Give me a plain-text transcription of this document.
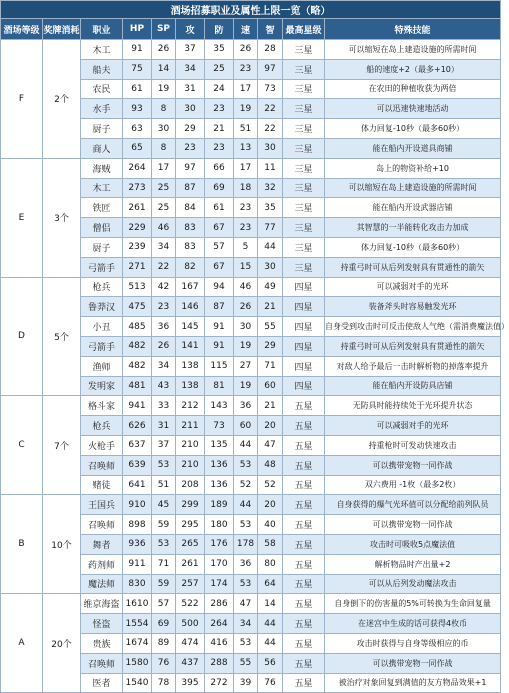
酒场招募职业及属性上限一览（略）										
酒场等级	奖牌消耗	职业	HP	SP	攻	防	速	智	最高星级	特殊技能
F	2个	木工	91	26	37	35	26	28	三星	可以缩短在岛上建造设施的所需时间
		船夫	75	14	34	25	23	97	三星	船的速度+2（最多+10）
		农民	61	19	31	24	17	73	三星	在农田的种植收获为两倍
		水手	93	8	30	23	19	22	三星	可以迅速快速地活动
		厨子	63	30	29	21	51	22	三星	体力回复-10秒（最多60秒）
		商人	65	8	23	23	13	30	三星	能在船内开设道具商铺
E	3个	海贼	264	17	97	66	17	11	三星	岛上的物资补给+10
		木工	273	25	87	69	18	32	三星	可以缩短在岛上建造设施的所需时间
		铁匠	261	25	84	61	23	35	三星	能在船内开设武器店铺
		僧侣	229	46	83	67	23	77	三星	其智慧的一半能转化攻击力加成
		厨子	239	34	83	57	5	44	三星	体力回复-10秒（最多60秒）
		弓箭手	271	22	82	67	15	30	三星	持重弓时可从后列发射具有贯通性的箭矢
D	5个	枪兵	513	42	167	94	46	49	四星	可以减弱对手的光环
		鲁莽汉	475	23	146	87	26	21	四星	装备斧头时容易触发光环
		小丑	485	36	145	91	30	55	四星	自身受到攻击时可反击使敌人气绝（需消费魔法值）
		弓箭手	482	26	141	91	19	29	四星	持重弓时可从后列发射具有贯通性的箭矢
		渔师	482	34	138	115	27	71	四星	对敌人给予最后一击时解析物的掉落率提升
		发明家	481	43	138	81	19	60	四星	能在船内开设防具店铺
C	7个	格斗家	941	33	212	143	36	21	五星	无防具时能持续处于光环提升状态
		枪兵	626	31	211	73	60	20	五星	可以减弱对手的光环
		火枪手	637	37	210	135	44	47	五星	持重枪时可发动快速攻击
		召唤师	639	53	210	136	53	48	五星	可以携带宠物一同作战
		赌徒	641	51	208	136	52	52	五星	双六费用 -1枚（最多2枚）
B	10个	王国兵	910	45	299	189	44	20	五星	自身获得的爆气光环值可以分配给前列队员
		召唤师	898	59	295	180	53	40	五星	可以携带宠物一同作战
		舞者	936	53	265	176	178	58	五星	攻击时可吸收5点魔法值
		药剂师	911	71	261	170	36	80	五星	解析物品时产出量+2
		魔法师	830	59	257	174	53	64	五星	可以从后列发动魔法攻击
A	20个	维京海盗	1610	57	522	286	47	14	五星	自身倒下的伤害量的5%可转换为生命回复量
		怪盗	1554	69	500	264	34	44	五星	在迷宫中生成的话可获得4枚币
		贵族	1674	89	474	416	53	44	五星	攻击时获得与自身等级相应的币
		召唤师	1580	76	437	288	55	56	五星	可以携带宠物一同作战
		医者	1540	78	395	272	39	76	五星	被治疗对象回复到满值的友方物品效果+1
